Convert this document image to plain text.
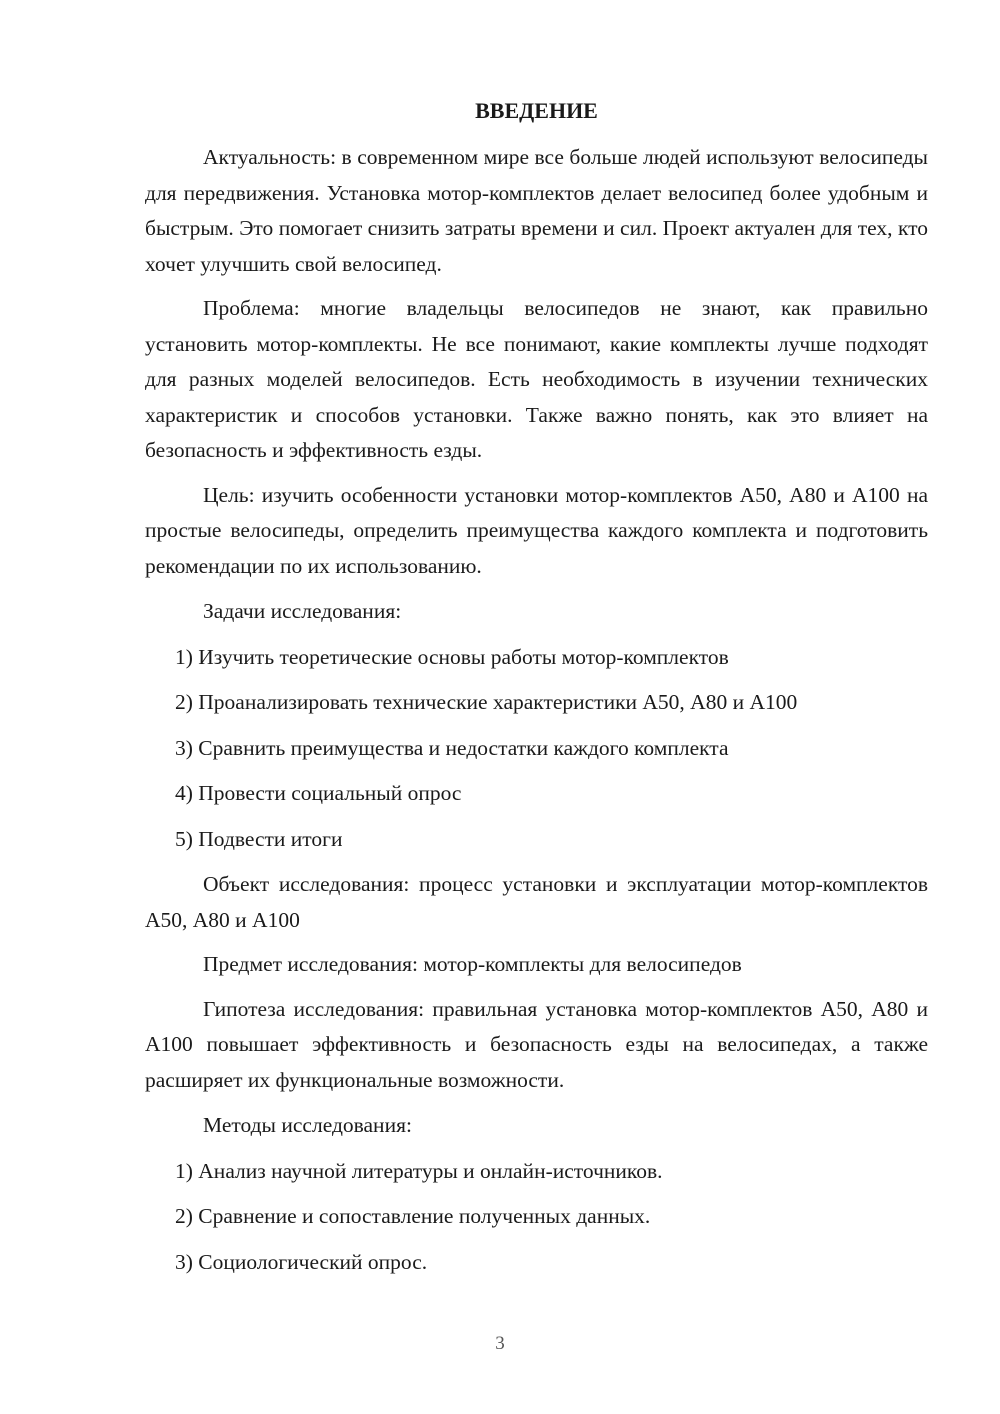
ВВЕДЕНИЕ

Актуальность: в современном мире все больше людей используют велосипеды для передвижения. Установка мотор-комплектов делает велосипед более удобным и быстрым. Это помогает снизить затраты времени и сил. Проект актуален для тех, кто хочет улучшить свой велосипед.

Проблема: многие владельцы велосипедов не знают, как правильно установить мотор-комплекты. Не все понимают, какие комплекты лучше подходят для разных моделей велосипедов. Есть необходимость в изучении технических характеристик и способов установки. Также важно понять, как это влияет на безопасность и эффективность езды.

Цель: изучить особенности установки мотор-комплектов А50, А80 и А100 на простые велосипеды, определить преимущества каждого комплекта и подготовить рекомендации по их использованию.

Задачи исследования:
1) Изучить теоретические основы работы мотор-комплектов
2) Проанализировать технические характеристики А50, А80 и А100
3) Сравнить преимущества и недостатки каждого комплекта
4) Провести социальный опрос
5) Подвести итоги

Объект исследования: процесс установки и эксплуатации мотор-комплектов А50, А80 и А100

Предмет исследования: мотор-комплекты для велосипедов

Гипотеза исследования: правильная установка мотор-комплектов А50, А80 и А100 повышает эффективность и безопасность езды на велосипедах, а также расширяет их функциональные возможности.

Методы исследования:
1) Анализ научной литературы и онлайн-источников.
2) Сравнение и сопоставление полученных данных.
3) Социологический опрос.
3
